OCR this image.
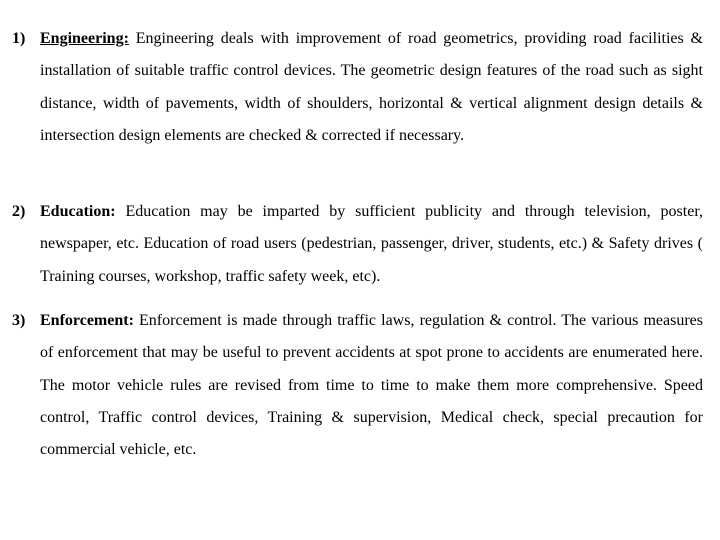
1) Engineering: Engineering deals with improvement of road geometrics, providing road facilities & installation of suitable traffic control devices. The geometric design features of the road such as sight distance, width of pavements, width of shoulders, horizontal & vertical alignment design details & intersection design elements are checked & corrected if necessary.
2) Education: Education may be imparted by sufficient publicity and through television, poster, newspaper, etc. Education of road users (pedestrian, passenger, driver, students, etc.) & Safety drives ( Training courses, workshop, traffic safety week, etc).
3) Enforcement: Enforcement is made through traffic laws, regulation & control. The various measures of enforcement that may be useful to prevent accidents at spot prone to accidents are enumerated here. The motor vehicle rules are revised from time to time to make them more comprehensive. Speed control, Traffic control devices, Training & supervision, Medical check, special precaution for commercial vehicle, etc.
